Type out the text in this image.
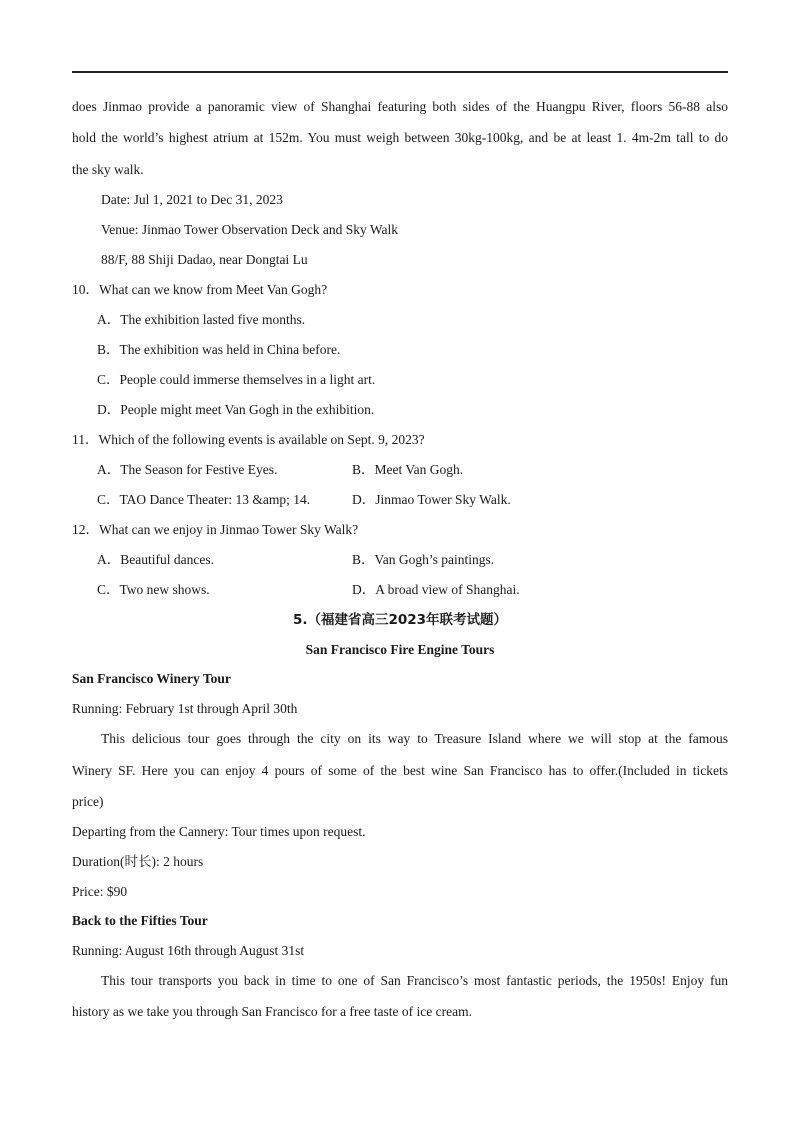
does Jinmao provide a panoramic view of Shanghai featuring both sides of the Huangpu River, floors 56-88 also
hold the world’s highest atrium at 152m. You must weigh between 30kg-100kg, and be at least 1. 4m-2m tall to do
the sky walk.
Date: Jul 1, 2021 to Dec 31, 2023
Venue: Jinmao Tower Observation Deck and Sky Walk
88/F, 88 Shiji Dadao, near Dongtai Lu
10．What can we know from Meet Van Gogh?
A．The exhibition lasted five months.
B．The exhibition was held in China before.
C．People could immerse themselves in a light art.
D．People might meet Van Gogh in the exhibition.
11．Which of the following events is available on Sept. 9, 2023?
A．The Season for Festive Eyes.	B．Meet Van Gogh.
C．TAO Dance Theater: 13 &amp; 14.	D．Jinmao Tower Sky Walk.
12．What can we enjoy in Jinmao Tower Sky Walk?
A．Beautiful dances.	B．Van Gogh’s paintings.
C．Two new shows.	D．A broad view of Shanghai.
5.（福建省高三2023年联考试题）
San Francisco Fire Engine Tours
San Francisco Winery Tour
Running: February 1st through April 30th
This delicious tour goes through the city on its way to Treasure Island where we will stop at the famous
Winery SF. Here you can enjoy 4 pours of some of the best wine San Francisco has to offer.(Included in tickets
price)
Departing from the Cannery: Tour times upon request.
Duration(时长): 2 hours
Price: $90
Back to the Fifties Tour
Running: August 16th through August 31st
This tour transports you back in time to one of San Francisco’s most fantastic periods, the 1950s! Enjoy fun
history as we take you through San Francisco for a free taste of ice cream.
